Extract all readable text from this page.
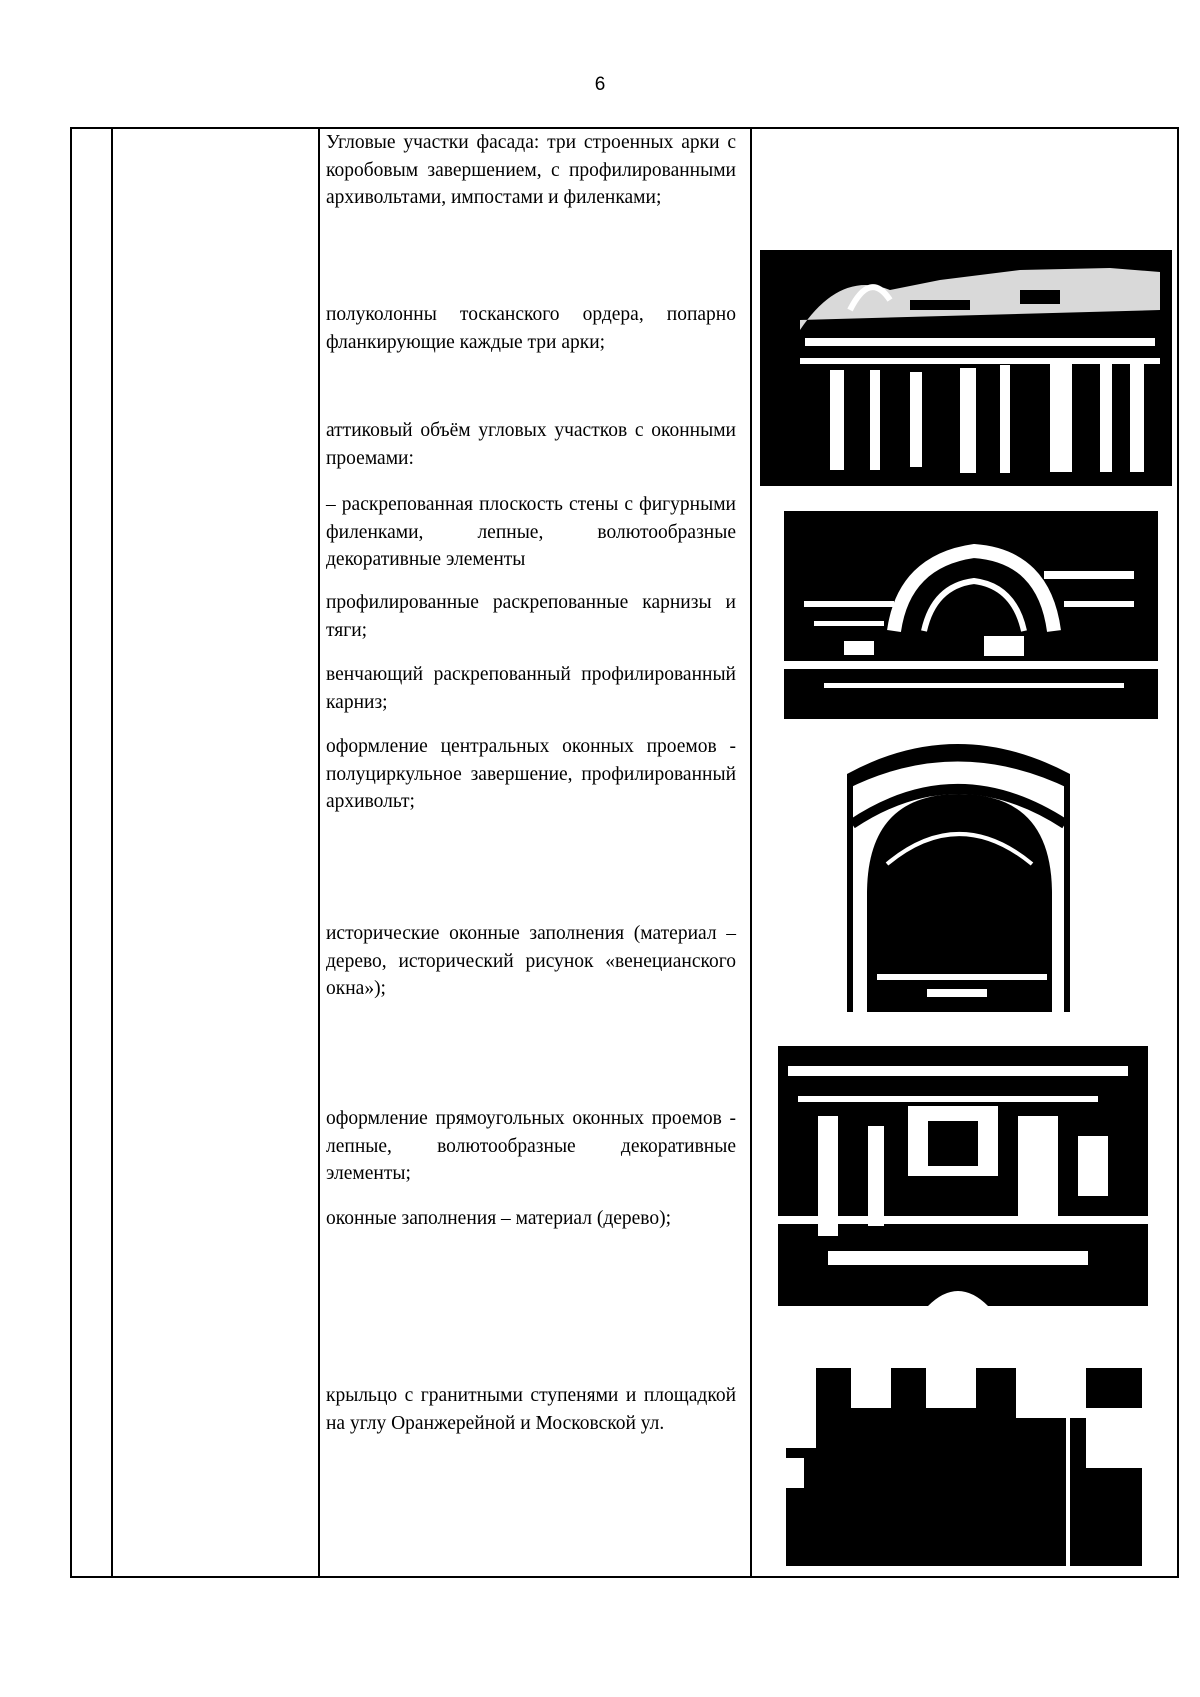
6

Угловые участки фасада: три строенных арки с коробовым завершением, с профилированными архивольтами, импостами и филенками;

полуколонны тосканского ордера, попарно фланкирующие каждые три арки;

аттиковый объём угловых участков с оконными проемами:

– раскрепованная плоскость стены с фигурными филенками, лепные, волютообразные декоративные элементы

профилированные раскрепованные карнизы и тяги;

венчающий раскрепованный профилированный карниз;

оформление центральных оконных проемов - полуциркульное завершение, профилированный архивольт;

исторические оконные заполнения (материал – дерево, исторический рисунок «венецианского окна»);

оформление прямоугольных оконных проемов - лепные, волютообразные декоративные элементы;

оконные заполнения – материал (дерево);

крыльцо с гранитными ступенями и площадкой на углу Оранжерейной и Московской ул.
